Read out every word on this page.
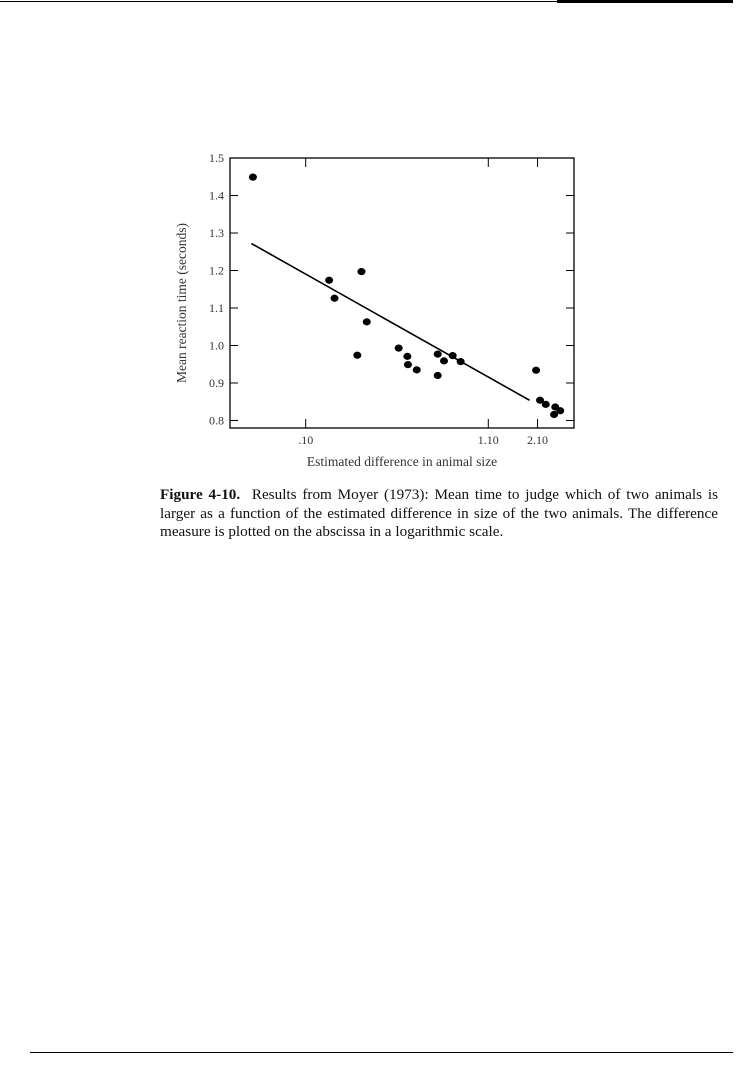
0.8
0.9
1.0
1.1
1.2
1.3
1.4
1.5
.10	1.10 2.10
Estimated difference in animal size
Mean reaction time (seconds)
Figure 4-10. Results from Moyer (1973): Mean time to judge which of two animals is larger as a function of the estimated difference in size of the two animals. The difference measure is plotted on the abscissa in a logarithmic scale.
